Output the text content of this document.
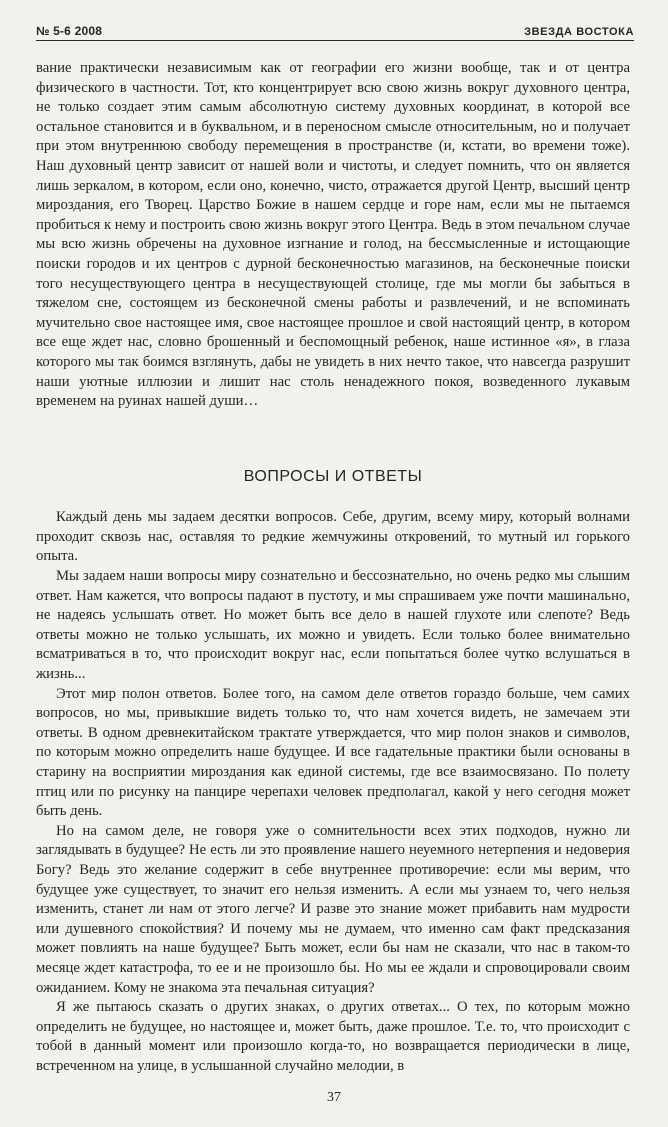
№ 5-6 2008	ЗВЕЗДА ВОСТОКА

вание практически независимым как от географии его жизни вообще, так и от центра физического в частности. Тот, кто концентрирует всю свою жизнь вокруг духовного центра, не только создает этим самым абсолютную систему духовных координат, в которой все остальное становится и в буквальном, и в переносном смысле относительным, но и получает при этом внутреннюю свободу перемещения в пространстве (и, кстати, во времени тоже). Наш духовный центр зависит от нашей воли и чистоты, и следует помнить, что он является лишь зеркалом, в котором, если оно, конечно, чисто, отражается другой Центр, высший центр мироздания, его Творец. Царство Божие в нашем сердце и горе нам, если мы не пытаемся пробиться к нему и построить свою жизнь вокруг этого Центра. Ведь в этом печальном случае мы всю жизнь обречены на духовное изгнание и голод, на бессмысленные и истощающие поиски городов и их центров с дурной бесконечностью магазинов, на бесконечные поиски того несуществующего центра в несуществующей столице, где мы могли бы забыться в тяжелом сне, состоящем из бесконечной смены работы и развлечений, и не вспоминать мучительно свое настоящее имя, свое настоящее прошлое и свой настоящий центр, в котором все еще ждет нас, словно брошенный и беспомощный ребенок, наше истинное «я», в глаза которого мы так боимся взглянуть, дабы не увидеть в них нечто такое, что навсегда разрушит наши уютные иллюзии и лишит нас столь ненадежного покоя, возведенного лукавым временем на руинах нашей души…

ВОПРОСЫ И ОТВЕТЫ

Каждый день мы задаем десятки вопросов. Себе, другим, всему миру, который волнами проходит сквозь нас, оставляя то редкие жемчужины откровений, то мутный ил горького опыта.

Мы задаем наши вопросы миру сознательно и бессознательно, но очень редко мы слышим ответ. Нам кажется, что вопросы падают в пустоту, и мы спрашиваем уже почти машинально, не надеясь услышать ответ. Но может быть все дело в нашей глухоте или слепоте? Ведь ответы можно не только услышать, их можно и увидеть. Если только более внимательно всматриваться в то, что происходит вокруг нас, если попытаться более чутко вслушаться в жизнь...

Этот мир полон ответов. Более того, на самом деле ответов гораздо больше, чем самих вопросов, но мы, привыкшие видеть только то, что нам хочется видеть, не замечаем эти ответы. В одном древнекитайском трактате утверждается, что мир полон знаков и символов, по которым можно определить наше будущее. И все гадательные практики были основаны в старину на восприятии мироздания как единой системы, где все взаимосвязано. По полету птиц или по рисунку на панцире черепахи человек предполагал, какой у него сегодня может быть день.

Но на самом деле, не говоря уже о сомнительности всех этих подходов, нужно ли заглядывать в будущее? Не есть ли это проявление нашего неуемного нетерпения и недоверия Богу? Ведь это желание содержит в себе внутреннее противоречие: если мы верим, что будущее уже существует, то значит его нельзя изменить. А если мы узнаем то, чего нельзя изменить, станет ли нам от этого легче? И разве это знание может прибавить нам мудрости или душевного спокойствия? И почему мы не думаем, что именно сам факт предсказания может повлиять на наше будущее? Быть может, если бы нам не сказали, что нас в таком-то месяце ждет катастрофа, то ее и не произошло бы. Но мы ее ждали и спровоцировали своим ожиданием. Кому не знакома эта печальная ситуация?

Я же пытаюсь сказать о других знаках, о других ответах... О тех, по которым можно определить не будущее, но настоящее и, может быть, даже прошлое. Т.е. то, что происходит с тобой в данный момент или произошло когда-то, но возвращается периодически в лице, встреченном на улице, в услышанной случайно мелодии, в

37
